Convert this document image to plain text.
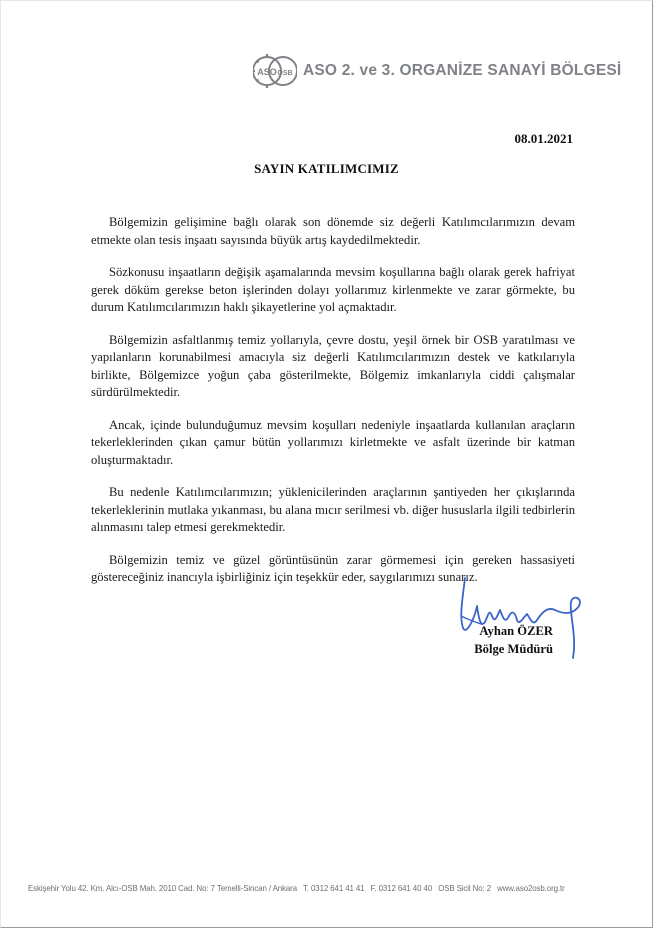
ASO OSB ASO 2. ve 3. ORGANİZE SANAYİ BÖLGESİ
08.01.2021
SAYIN KATILIMCIMIZ

Bölgemizin gelişimine bağlı olarak son dönemde siz değerli Katılımcılarımızın devam etmekte olan tesis inşaatı sayısında büyük artış kaydedilmektedir.

Sözkonusu inşaatların değişik aşamalarında mevsim koşullarına bağlı olarak gerek hafriyat gerek döküm gerekse beton işlerinden dolayı yollarımız kirlenmekte ve zarar görmekte, bu durum Katılımcılarımızın haklı şikayetlerine yol açmaktadır.

Bölgemizin asfaltlanmış temiz yollarıyla, çevre dostu, yeşil örnek bir OSB yaratılması ve yapılanların korunabilmesi amacıyla siz değerli Katılımcılarımızın destek ve katkılarıyla birlikte, Bölgemizce yoğun çaba gösterilmekte, Bölgemiz imkanlarıyla ciddi çalışmalar sürdürülmektedir.

Ancak, içinde bulunduğumuz mevsim koşulları nedeniyle inşaatlarda kullanılan araçların tekerleklerinden çıkan çamur bütün yollarımızı kirletmekte ve asfalt üzerinde bir katman oluşturmaktadır.

Bu nedenle Katılımcılarımızın; yüklenicilerinden araçlarının şantiyeden her çıkışlarında tekerleklerinin mutlaka yıkanması, bu alana mıcır serilmesi vb. diğer hususlarla ilgili tedbirlerin alınmasını talep etmesi gerekmektedir.

Bölgemizin temiz ve güzel görüntüsünün zarar görmemesi için gereken hassasiyeti göstereceğiniz inancıyla işbirliğiniz için teşekkür eder, saygılarımızı sunarız.

Ayhan ÖZER
Bölge Müdürü
Eskişehir Yolu 42. Km. Alcı-OSB Mah. 2010 Cad. No: 7 Temelli-Sincan / Ankara T. 0312 641 41 41 F. 0312 641 40 40 OSB Sicil No: 2 www.aso2osb.org.tr
